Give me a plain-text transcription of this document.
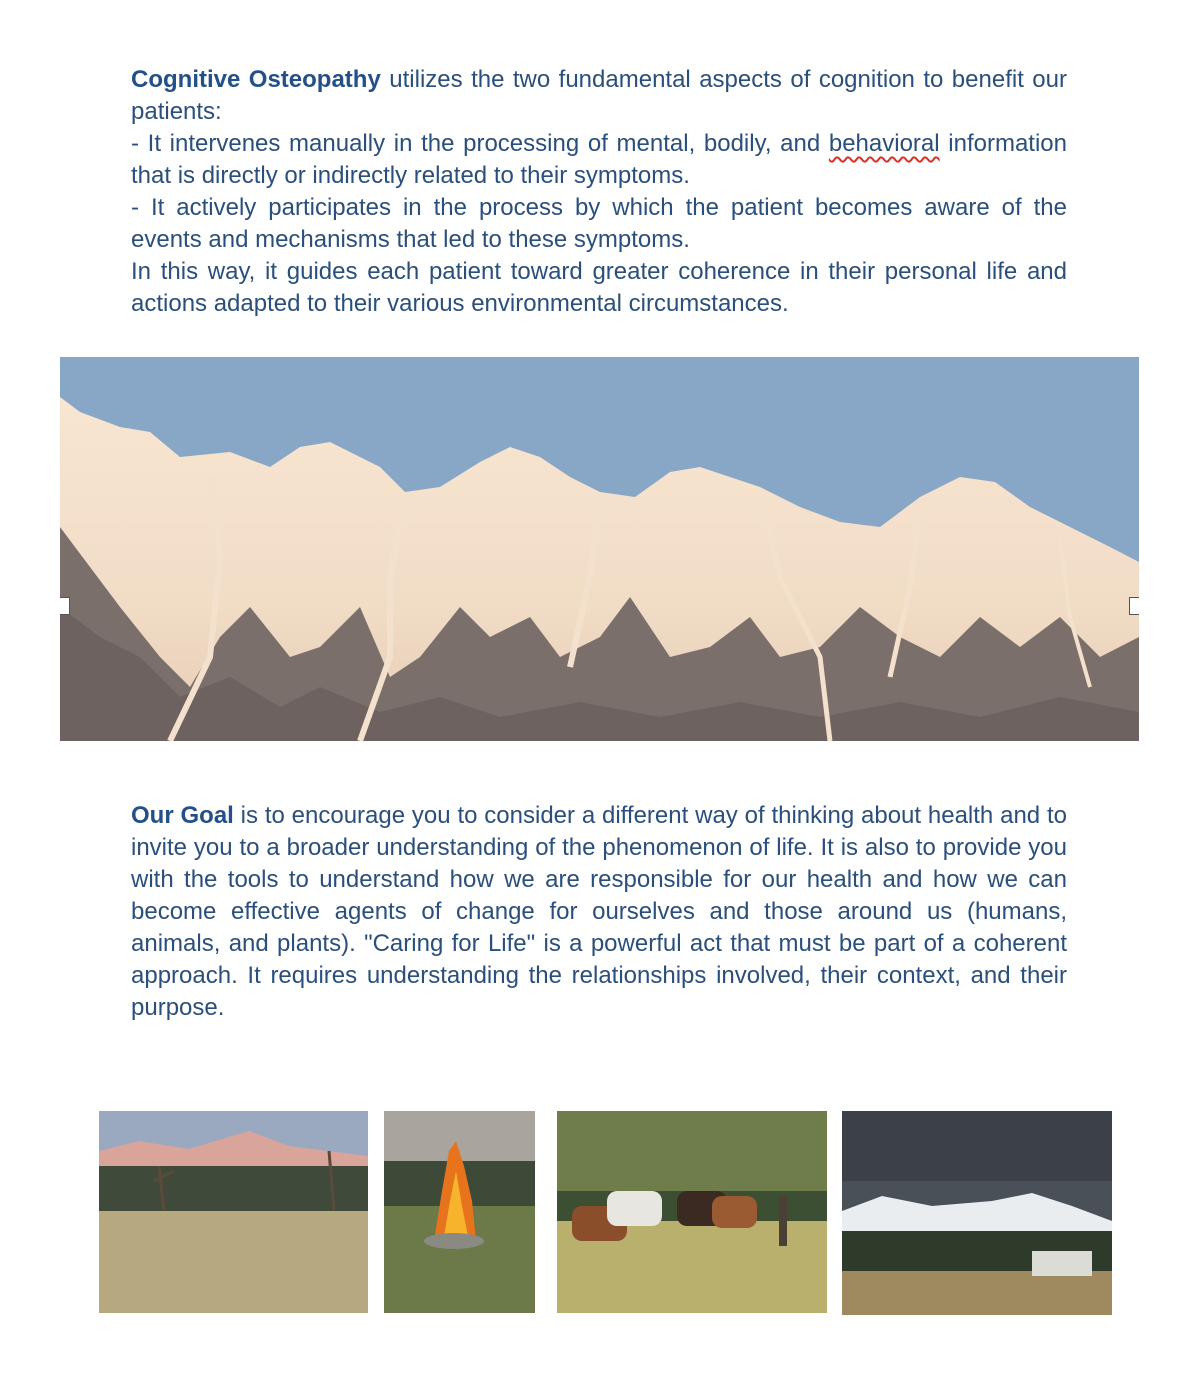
Cognitive Osteopathy utilizes the two fundamental aspects of cognition to benefit our patients:

- It intervenes manually in the processing of mental, bodily, and behavioral information that is directly or indirectly related to their symptoms.

- It actively participates in the process by which the patient becomes aware of the events and mechanisms that led to these symptoms.

In this way, it guides each patient toward greater coherence in their personal life and actions adapted to their various environmental circumstances.

Our Goal is to encourage you to consider a different way of thinking about health and to invite you to a broader understanding of the phenomenon of life. It is also to provide you with the tools to understand how we are responsible for our health and how we can become effective agents of change for ourselves and those around us (humans, animals, and plants). "Caring for Life" is a powerful act that must be part of a coherent approach. It requires understanding the relationships involved, their context, and their purpose.
